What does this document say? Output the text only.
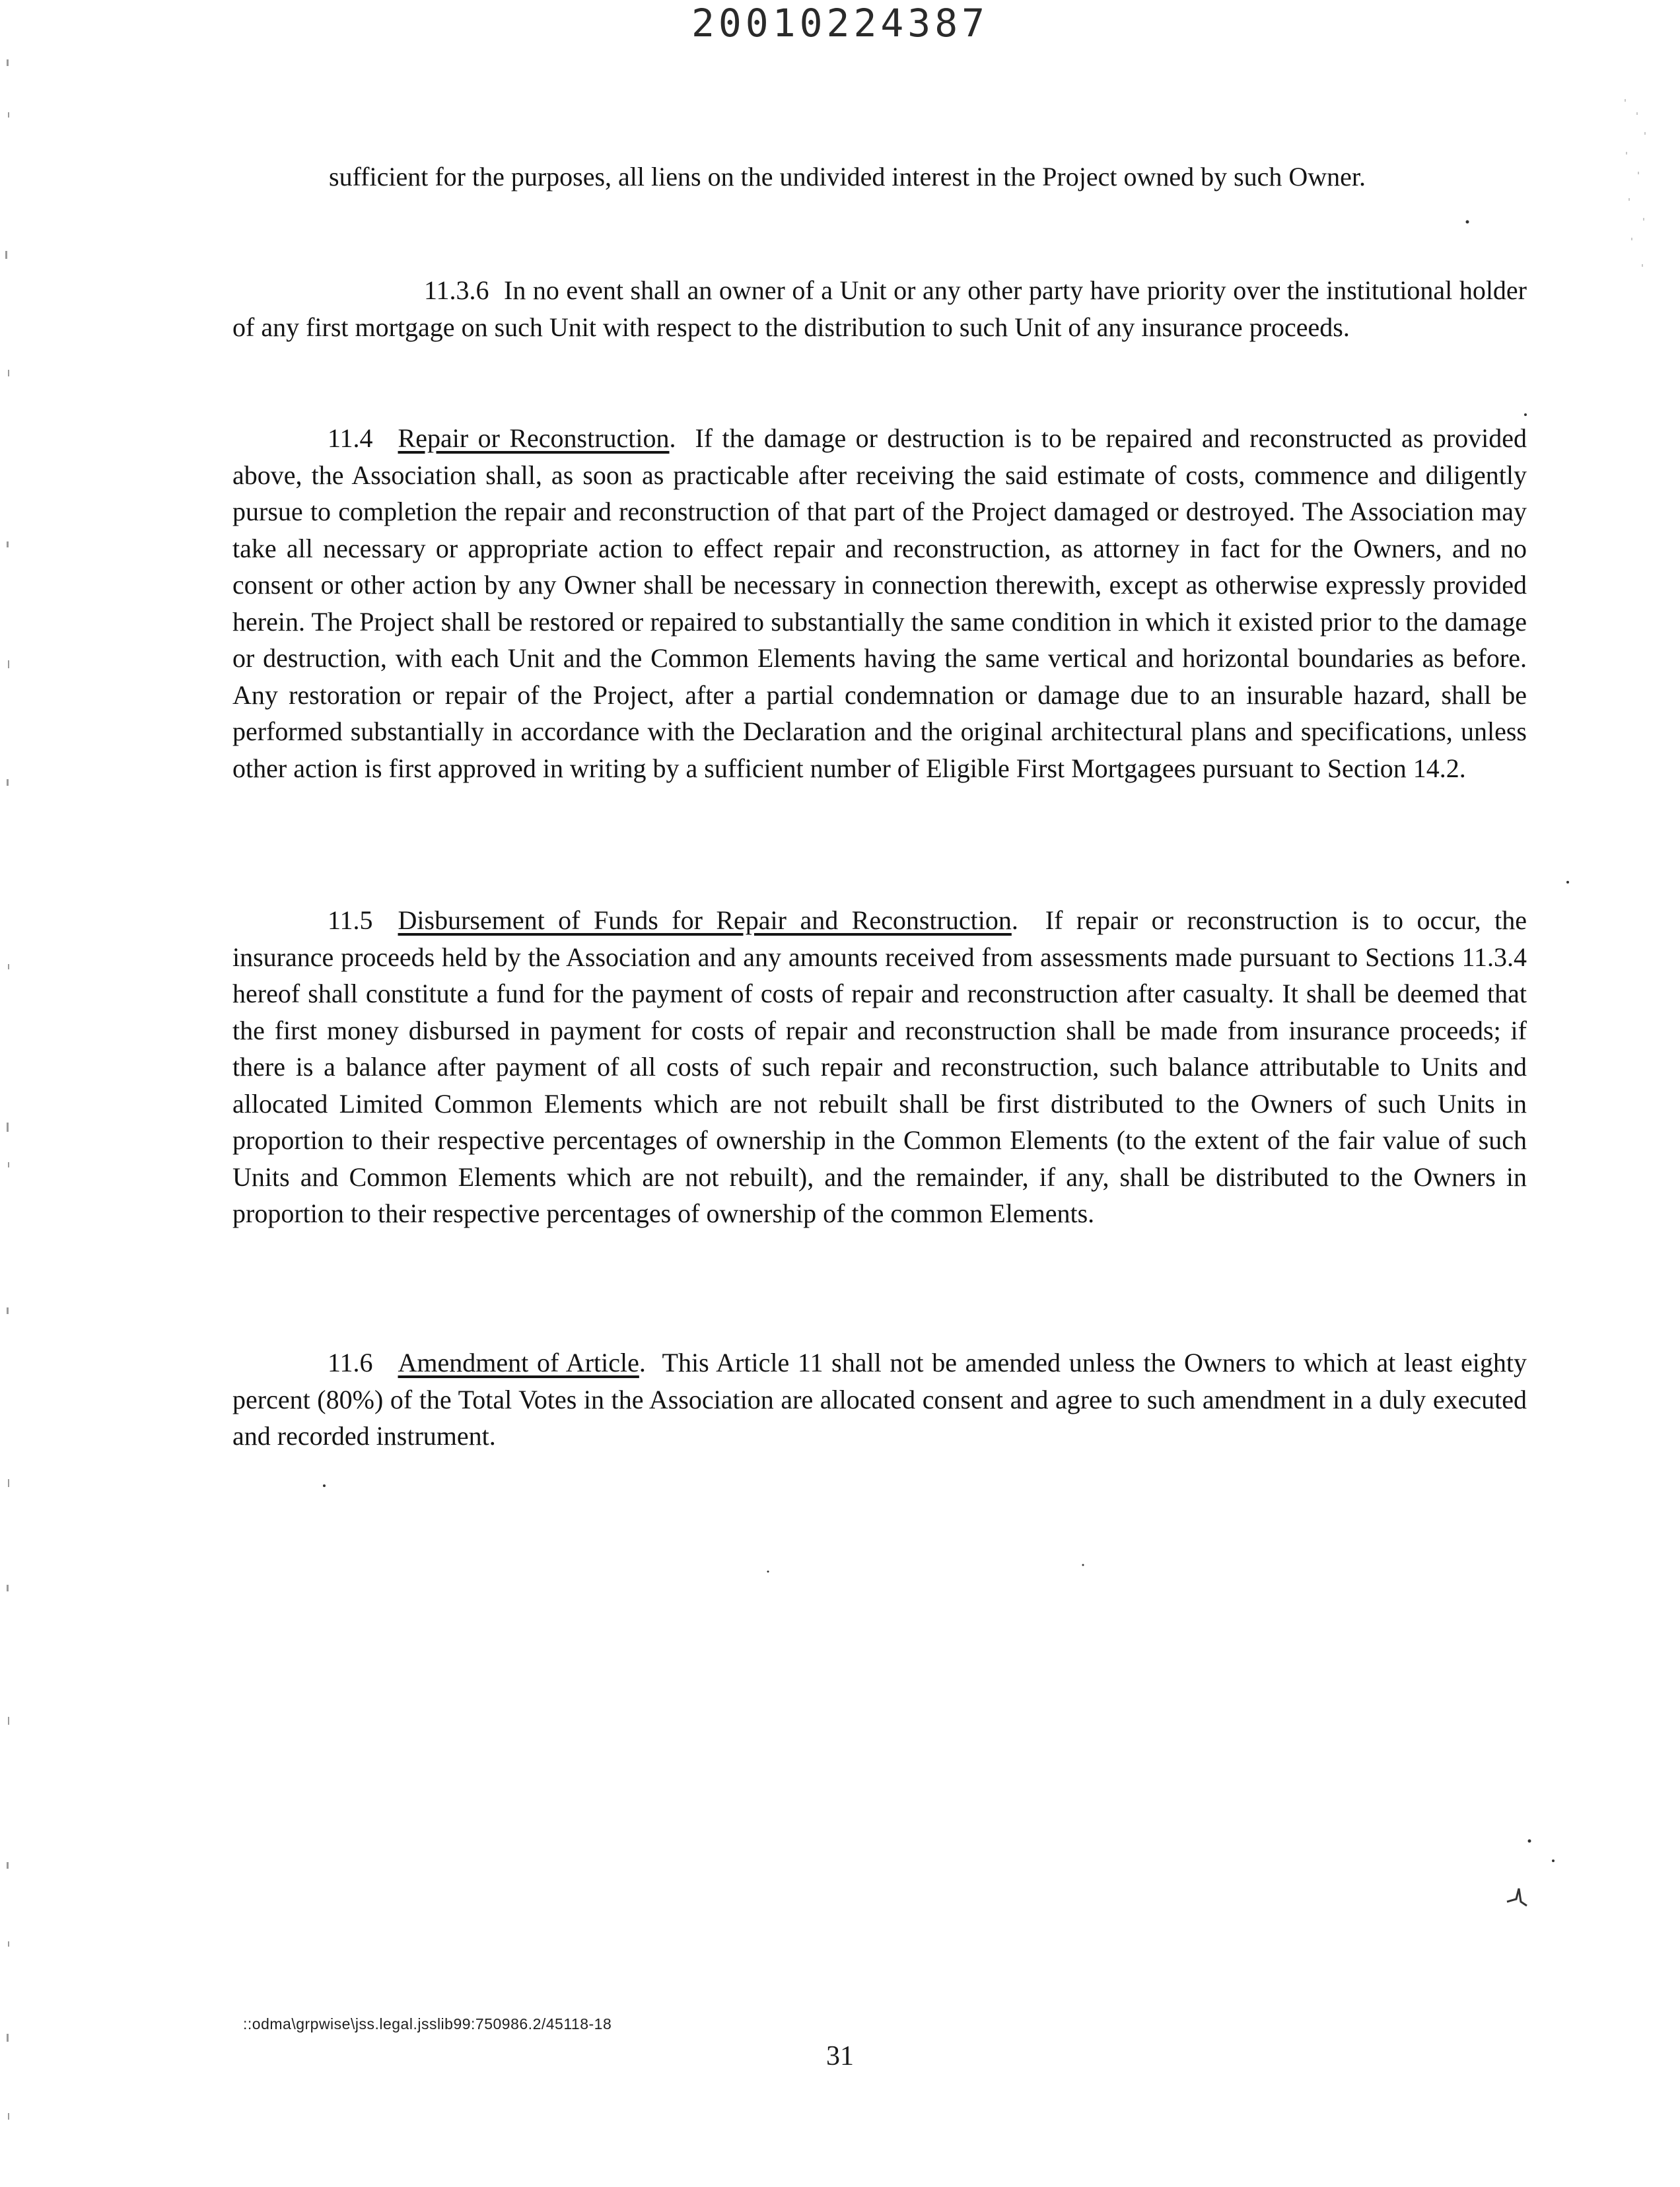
20010224387
sufficient for the purposes, all liens on the undivided interest in the Project owned by such Owner.
11.3.6 In no event shall an owner of a Unit or any other party have priority over the institutional holder of any first mortgage on such Unit with respect to the distribution to such Unit of any insurance proceeds.
11.4 Repair or Reconstruction.  If the damage or destruction is to be repaired and reconstructed as provided above, the Association shall, as soon as practicable after receiving the said estimate of costs, commence and diligently pursue to completion the repair and reconstruction of that part of the Project damaged or destroyed. The Association may take all necessary or appropriate action to effect repair and reconstruction, as attorney in fact for the Owners, and no consent or other action by any Owner shall be necessary in connection therewith, except as otherwise expressly provided herein. The Project shall be restored or repaired to substantially the same condition in which it existed prior to the damage or destruction, with each Unit and the Common Elements having the same vertical and horizontal boundaries as before. Any restoration or repair of the Project, after a partial condemnation or damage due to an insurable hazard, shall be performed substantially in accordance with the Declaration and the original architectural plans and specifications, unless other action is first approved in writing by a sufficient number of Eligible First Mortgagees pursuant to Section 14.2.
11.5 Disbursement of Funds for Repair and Reconstruction.  If repair or reconstruction is to occur, the insurance proceeds held by the Association and any amounts received from assessments made pursuant to Sections 11.3.4 hereof shall constitute a fund for the payment of costs of repair and reconstruction after casualty. It shall be deemed that the first money disbursed in payment for costs of repair and reconstruction shall be made from insurance proceeds; if there is a balance after payment of all costs of such repair and reconstruction, such balance attributable to Units and allocated Limited Common Elements which are not rebuilt shall be first distributed to the Owners of such Units in proportion to their respective percentages of ownership in the Common Elements (to the extent of the fair value of such Units and Common Elements which are not rebuilt), and the remainder, if any, shall be distributed to the Owners in proportion to their respective percentages of ownership of the common Elements.
11.6 Amendment of Article.  This Article 11 shall not be amended unless the Owners to which at least eighty percent (80%) of the Total Votes in the Association are allocated consent and agree to such amendment in a duly executed and recorded instrument.
::odma\grpwise\jss.legal.jsslib99:750986.2/45118-18
31
